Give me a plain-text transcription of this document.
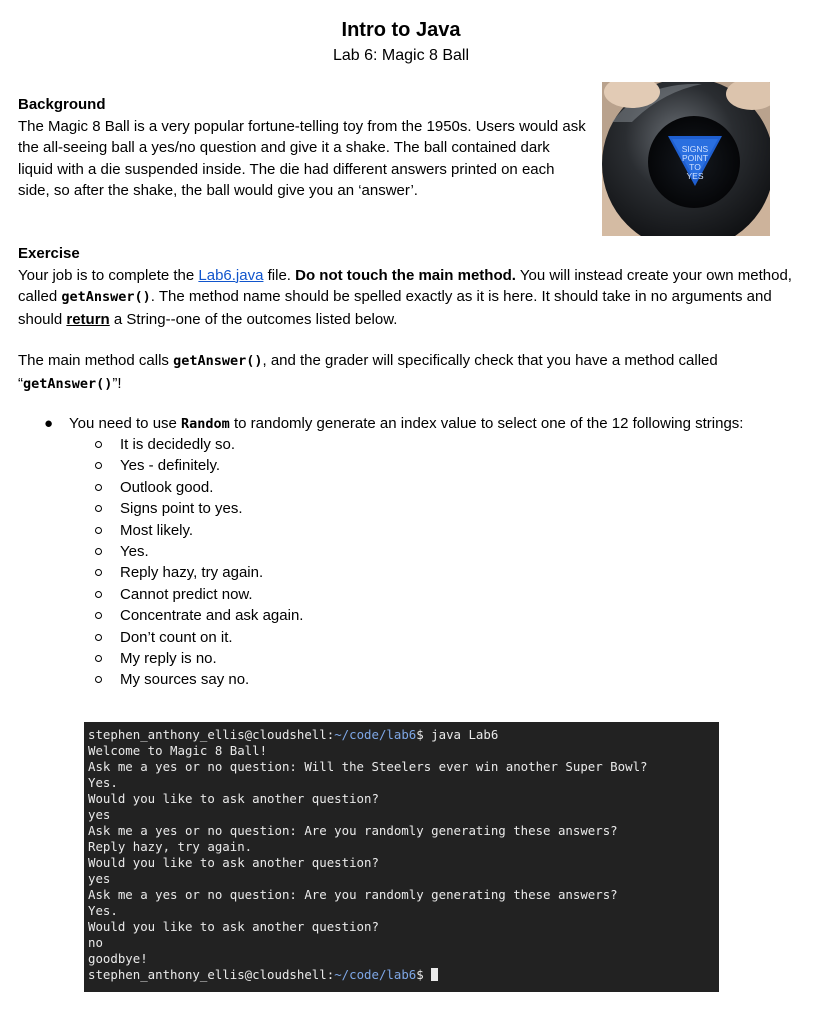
Intro to Java
Lab 6: Magic 8 Ball
Background
The Magic 8 Ball is a very popular fortune-telling toy from the 1950s. Users would ask the all-seeing ball a yes/no question and give it a shake. The ball contained dark liquid with a die suspended inside. The die had different answers printed on each side, so after the shake, the ball would give you an ‘answer’.
SIGNS
POINT
TO
YES
Exercise
Your job is to complete the Lab6.java file. Do not touch the main method. You will instead create your own method, called getAnswer(). The method name should be spelled exactly as it is here. It should take in no arguments and should return a String--one of the outcomes listed below.
The main method calls getAnswer(), and the grader will specifically check that you have a method called “getAnswer()”!
● You need to use Random to randomly generate an index value to select one of the 12 following strings:
It is decidedly so.
Yes - definitely.
Outlook good.
Signs point to yes.
Most likely.
Yes.
Reply hazy, try again.
Cannot predict now.
Concentrate and ask again.
Don’t count on it.
My reply is no.
My sources say no.
stephen_anthony_ellis@cloudshell:~/code/lab6$ java Lab6
Welcome to Magic 8 Ball!
Ask me a yes or no question: Will the Steelers ever win another Super Bowl?
Yes.
Would you like to ask another question?
yes
Ask me a yes or no question: Are you randomly generating these answers?
Reply hazy, try again.
Would you like to ask another question?
yes
Ask me a yes or no question: Are you randomly generating these answers?
Yes.
Would you like to ask another question?
no
goodbye!
stephen_anthony_ellis@cloudshell:~/code/lab6$
